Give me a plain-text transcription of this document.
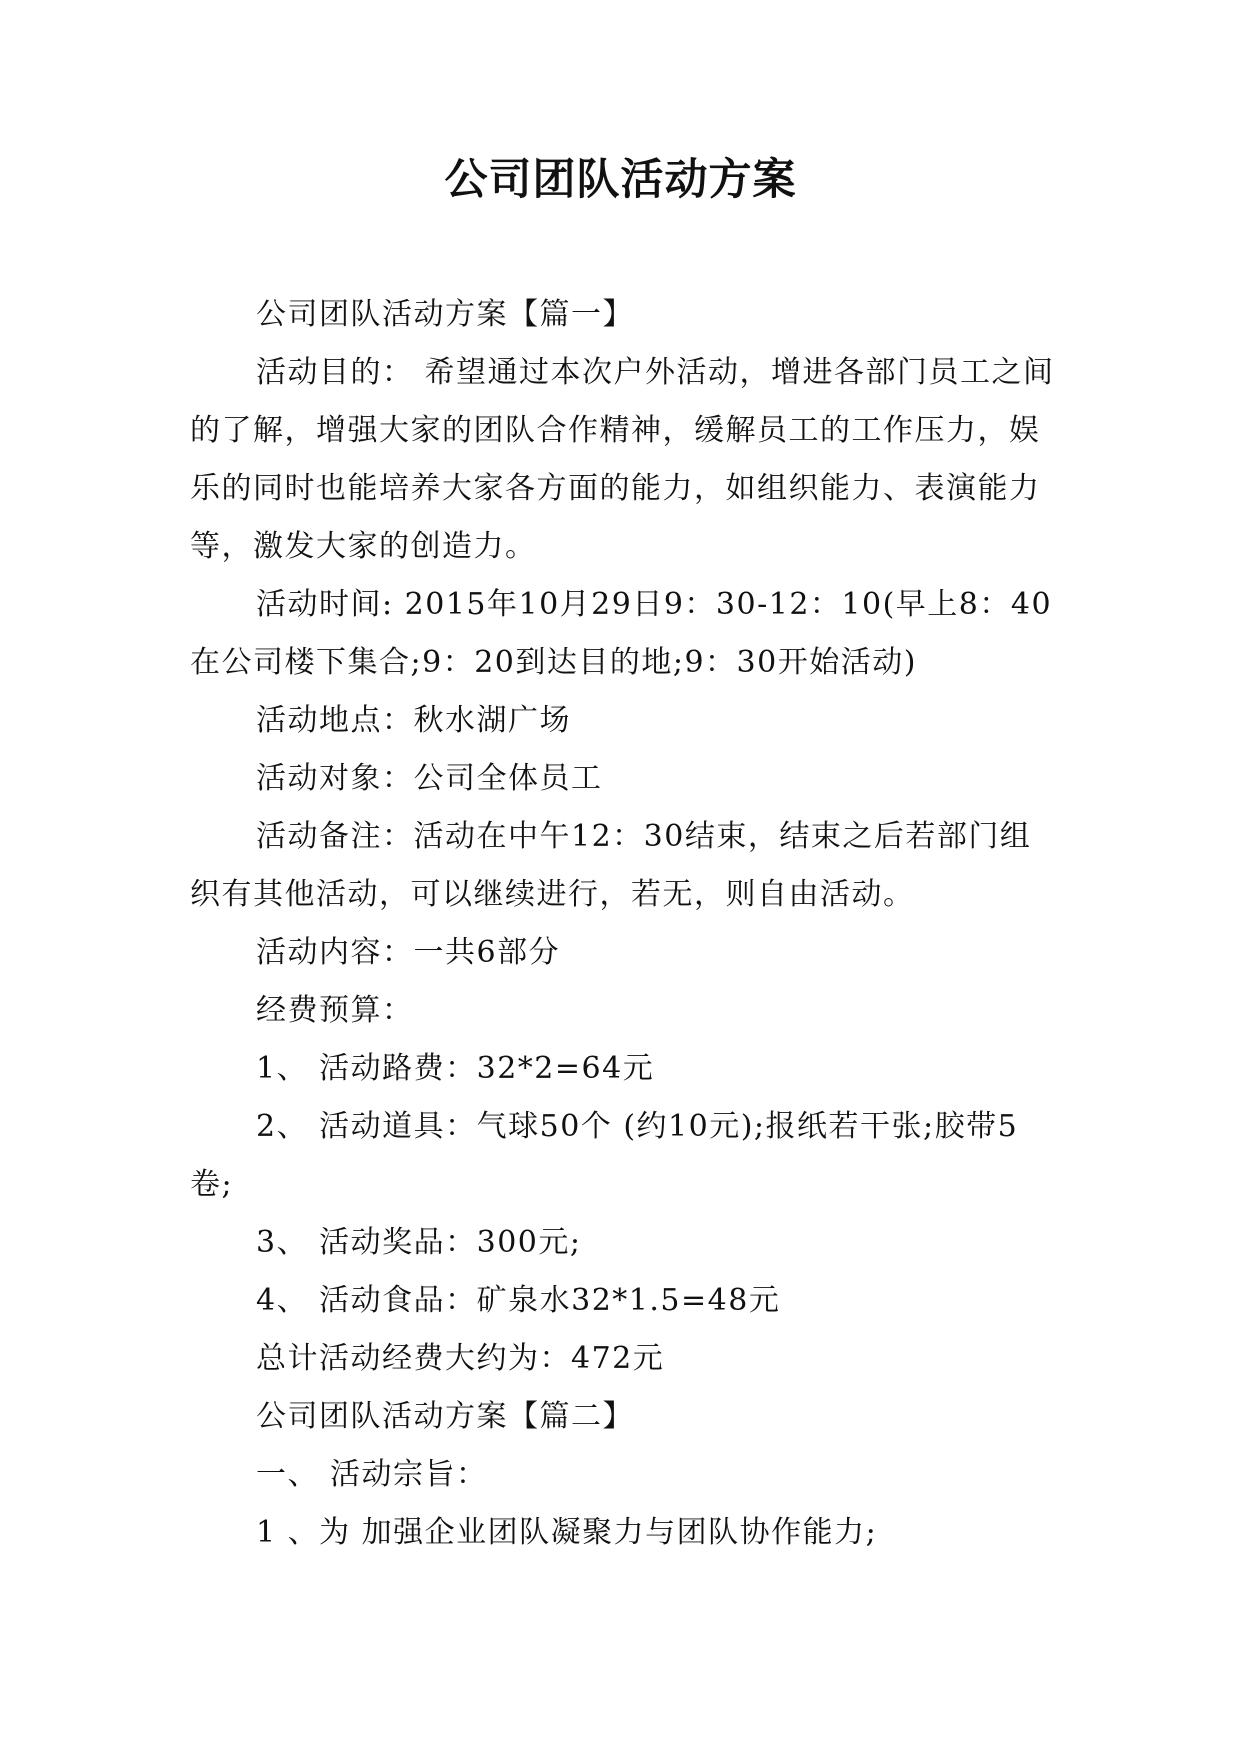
公司团队活动方案

公司团队活动方案【篇一】

活动目的： 希望通过本次户外活动，增进各部门员工之间的了解，增强大家的团队合作精神，缓解员工的工作压力，娱乐的同时也能培养大家各方面的能力，如组织能力、表演能力等，激发大家的创造力。

活动时间: 2015年10月29日9：30-12：10(早上8：40在公司楼下集合;9：20到达目的地;9：30开始活动)

活动地点：秋水湖广场

活动对象：公司全体员工

活动备注：活动在中午12：30结束，结束之后若部门组织有其他活动，可以继续进行，若无，则自由活动。

活动内容：一共6部分

经费预算：

1、 活动路费：32*2=64元

2、 活动道具：气球50个 (约10元);报纸若干张;胶带5卷;

3、 活动奖品：300元;

4、 活动食品：矿泉水32*1.5=48元

总计活动经费大约为：472元

公司团队活动方案【篇二】

一、 活动宗旨：

1 、为 加强企业团队凝聚力与团队协作能力;
